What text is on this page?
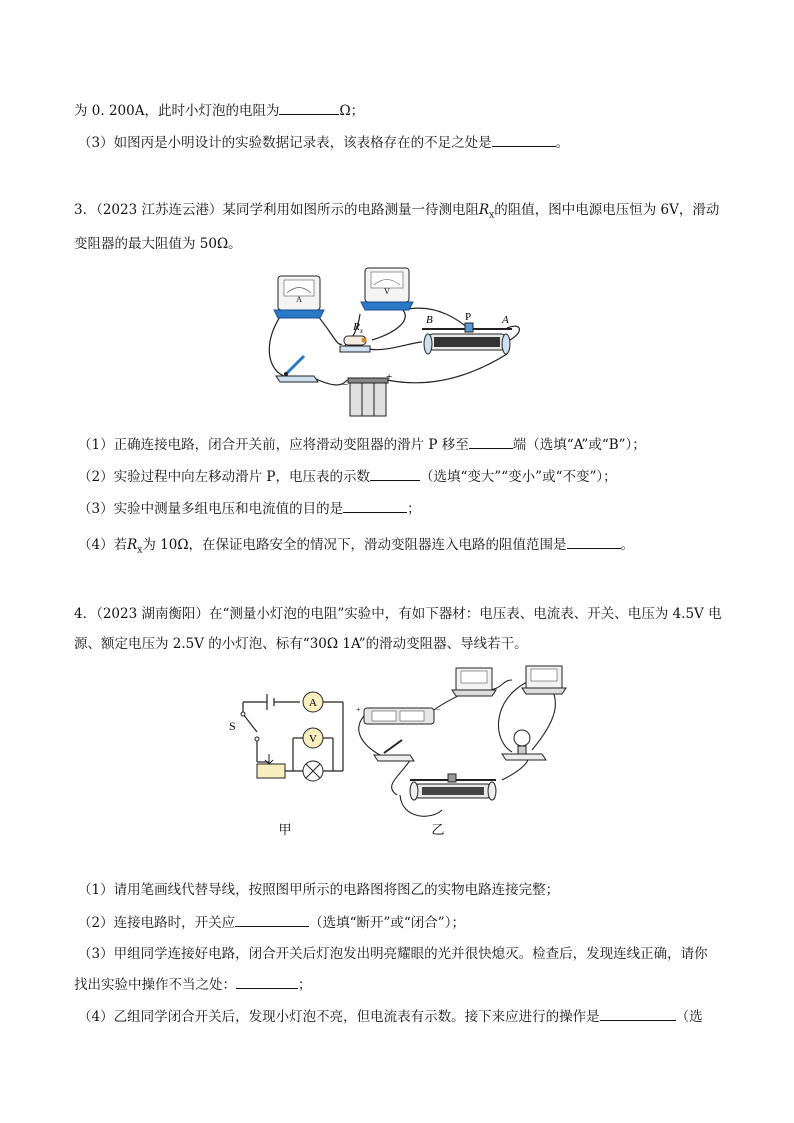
为 0. 200A，此时小灯泡的电阻为	Ω；
（3）如图丙是小明设计的实验数据记录表，该表格存在的不足之处是	。
3．（2023 江苏连云港）某同学利用如图所示的电路测量一待测电阻$R_x$的阻值，图中电源电压恒为 6V，滑动
变阻器的最大阻值为 50Ω。
A
V
$R_x$
B	P	A
−
+
（1）正确连接电路，闭合开关前，应将滑动变阻器的滑片 P 移至	端（选填“A”或“B”）；
（2）实验过程中向左移动滑片 P，电压表的示数	（选填“变大”“变小”或“不变”）；
（3）实验中测量多组电压和电流值的目的是	；
（4）若$R_x$为 10Ω，在保证电路安全的情况下，滑动变阻器连入电路的阻值范围是	。
4．（2023 湖南衡阳）在“测量小灯泡的电阻”实验中，有如下器材：电压表、电流表、开关、电压为 4.5V 电
源、额定电压为 2.5V 的小灯泡、标有“30Ω 1A”的滑动变阻器、导线若干。
A
V
S
甲
+	−
乙
（1）请用笔画线代替导线，按照图甲所示的电路图将图乙的实物电路连接完整；
（2）连接电路时，开关应	（选填“断开”或“闭合”）；
（3）甲组同学连接好电路，闭合开关后灯泡发出明亮耀眼的光并很快熄灭。检查后，发现连线正确，请你
找出实验中操作不当之处：	；
（4）乙组同学闭合开关后，发现小灯泡不亮，但电流表有示数。接下来应进行的操作是	（选
